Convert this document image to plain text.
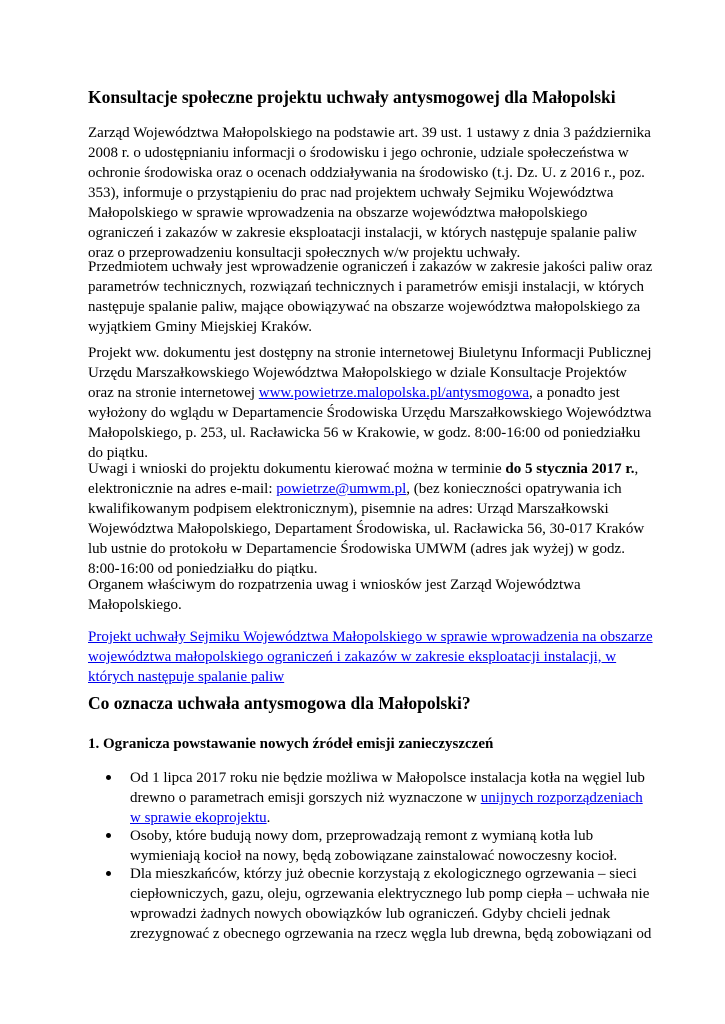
Konsultacje społeczne projektu uchwały antysmogowej dla Małopolski
Zarząd Województwa Małopolskiego na podstawie art. 39 ust. 1 ustawy z dnia 3 października
2008 r. o udostępnianiu informacji o środowisku i jego ochronie, udziale społeczeństwa w
ochronie środowiska oraz o ocenach oddziaływania na środowisko (t.j. Dz. U. z 2016 r., poz.
353), informuje o przystąpieniu do prac nad projektem uchwały Sejmiku Województwa
Małopolskiego w sprawie wprowadzenia na obszarze województwa małopolskiego
ograniczeń i zakazów w zakresie eksploatacji instalacji, w których następuje spalanie paliw
oraz o przeprowadzeniu konsultacji społecznych w/w projektu uchwały.
Przedmiotem uchwały jest wprowadzenie ograniczeń i zakazów w zakresie jakości paliw oraz
parametrów technicznych, rozwiązań technicznych i parametrów emisji instalacji, w których
następuje spalanie paliw, mające obowiązywać na obszarze województwa małopolskiego za
wyjątkiem Gminy Miejskiej Kraków.
Projekt ww. dokumentu jest dostępny na stronie internetowej Biuletynu Informacji Publicznej
Urzędu Marszałkowskiego Województwa Małopolskiego w dziale Konsultacje Projektów
oraz na stronie internetowej www.powietrze.malopolska.pl/antysmogowa, a ponadto jest
wyłożony do wglądu w Departamencie Środowiska Urzędu Marszałkowskiego Województwa
Małopolskiego, p. 253, ul. Racławicka 56 w Krakowie, w godz. 8:00-16:00 od poniedziałku
do piątku.
Uwagi i wnioski do projektu dokumentu kierować można w terminie do 5 stycznia 2017 r.,
elektronicznie na adres e-mail: powietrze@umwm.pl, (bez konieczności opatrywania ich
kwalifikowanym podpisem elektronicznym), pisemnie na adres: Urząd Marszałkowski
Województwa Małopolskiego, Departament Środowiska, ul. Racławicka 56, 30-017 Kraków
lub ustnie do protokołu w Departamencie Środowiska UMWM (adres jak wyżej) w godz.
8:00-16:00 od poniedziałku do piątku.
Organem właściwym do rozpatrzenia uwag i wniosków jest Zarząd Województwa
Małopolskiego.
Projekt uchwały Sejmiku Województwa Małopolskiego w sprawie wprowadzenia na obszarze
województwa małopolskiego ograniczeń i zakazów w zakresie eksploatacji instalacji, w
których następuje spalanie paliw
Co oznacza uchwała antysmogowa dla Małopolski?
1. Ogranicza powstawanie nowych źródeł emisji zanieczyszczeń
Od 1 lipca 2017 roku nie będzie możliwa w Małopolsce instalacja kotła na węgiel lub
drewno o parametrach emisji gorszych niż wyznaczone w unijnych rozporządzeniach
w sprawie ekoprojektu.
Osoby, które budują nowy dom, przeprowadzają remont z wymianą kotła lub
wymieniają kocioł na nowy, będą zobowiązane zainstalować nowoczesny kocioł.
Dla mieszkańców, którzy już obecnie korzystają z ekologicznego ogrzewania – sieci
ciepłowniczych, gazu, oleju, ogrzewania elektrycznego lub pomp ciepła – uchwała nie
wprowadzi żadnych nowych obowiązków lub ograniczeń. Gdyby chcieli jednak
zrezygnować z obecnego ogrzewania na rzecz węgla lub drewna, będą zobowiązani od
